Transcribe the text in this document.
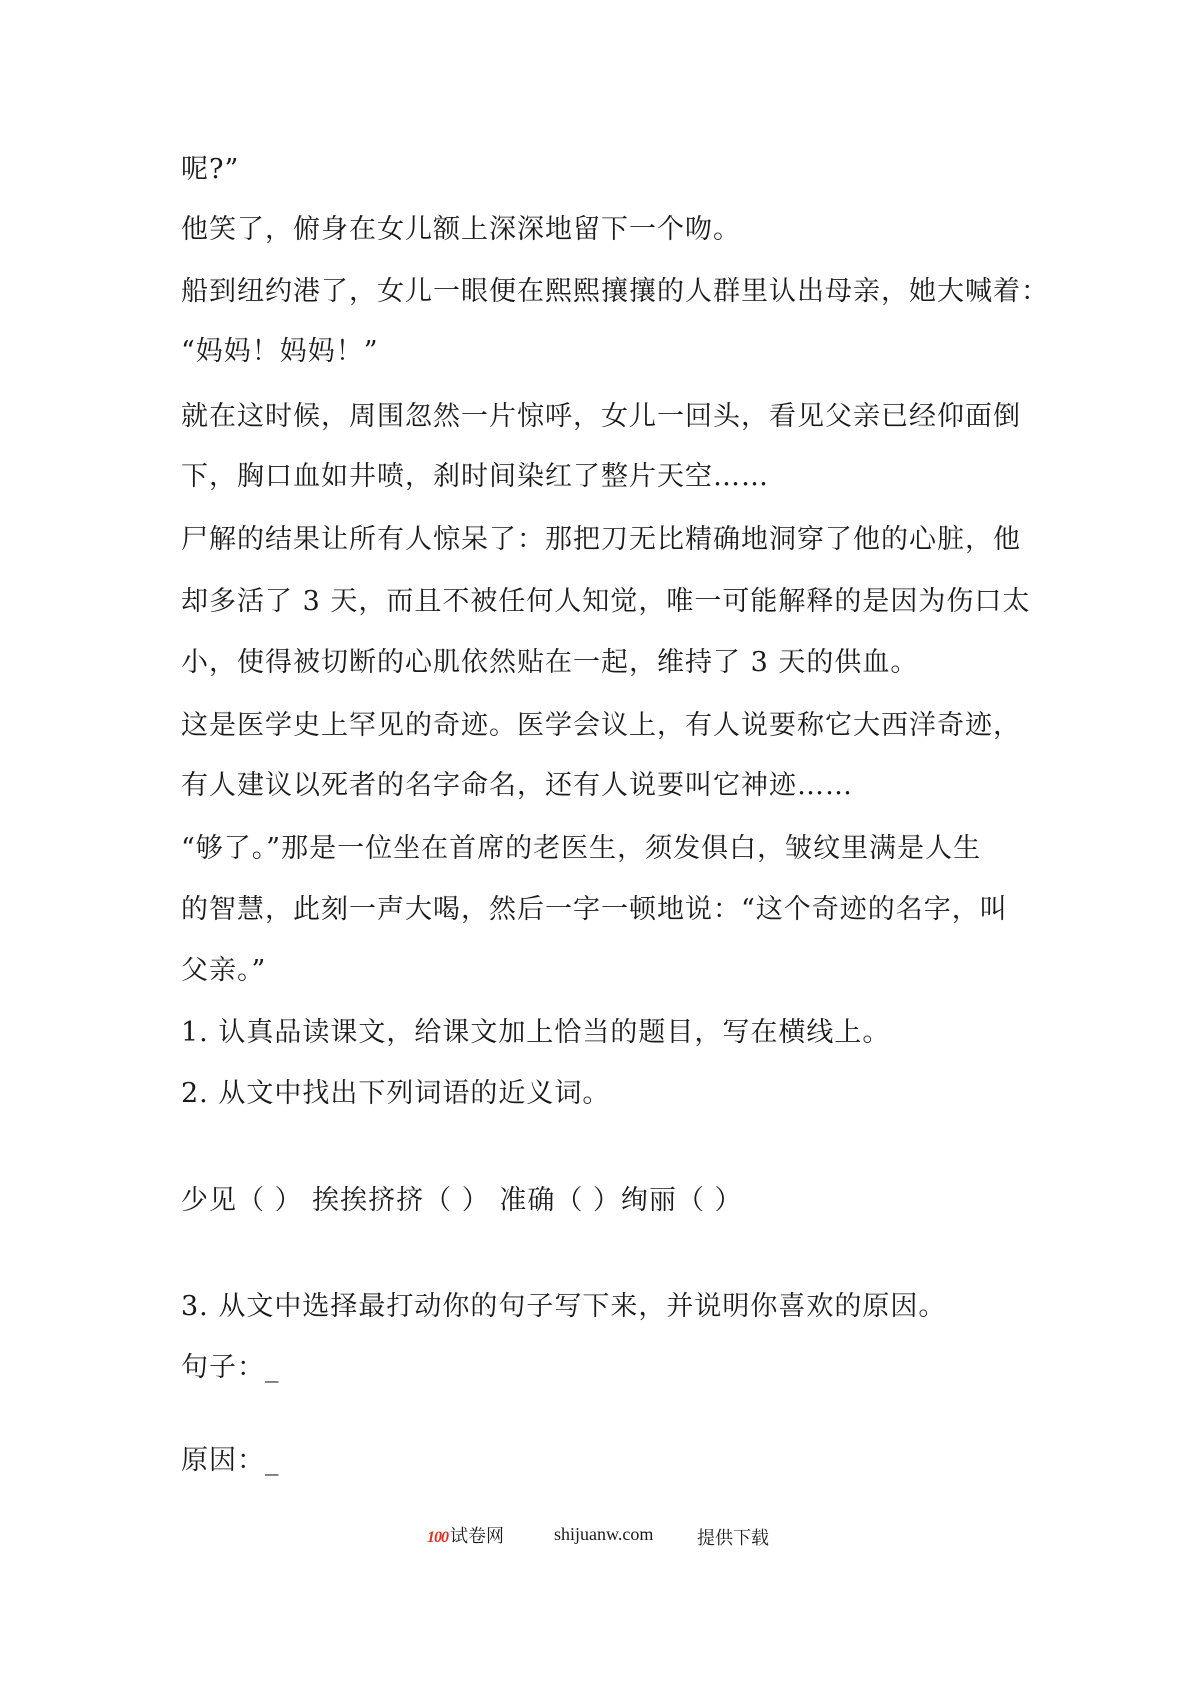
呢?”
他笑了，俯身在女儿额上深深地留下一个吻。
船到纽约港了，女儿一眼便在熙熙攘攘的人群里认出母亲，她大喊着：
“妈妈！妈妈！”
就在这时候，周围忽然一片惊呼，女儿一回头，看见父亲已经仰面倒
下，胸口血如井喷，刹时间染红了整片天空……
尸解的结果让所有人惊呆了：那把刀无比精确地洞穿了他的心脏，他
却多活了 3 天，而且不被任何人知觉，唯一可能解释的是因为伤口太
小，使得被切断的心肌依然贴在一起，维持了 3 天的供血。
这是医学史上罕见的奇迹。医学会议上，有人说要称它大西洋奇迹，
有人建议以死者的名字命名，还有人说要叫它神迹……
“够了。”那是一位坐在首席的老医生，须发俱白，皱纹里满是人生
的智慧，此刻一声大喝，然后一字一顿地说：“这个奇迹的名字，叫
父亲。”
1. 认真品读课文，给课文加上恰当的题目，写在横线上。
2. 从文中找出下列词语的近义词。
少见（ ） 挨挨挤挤（ ） 准确（ ）绚丽（ ）
3. 从文中选择最打动你的句子写下来，并说明你喜欢的原因。
句子：_
原因：_
100 试卷网	shijuanw.com 提供下载
